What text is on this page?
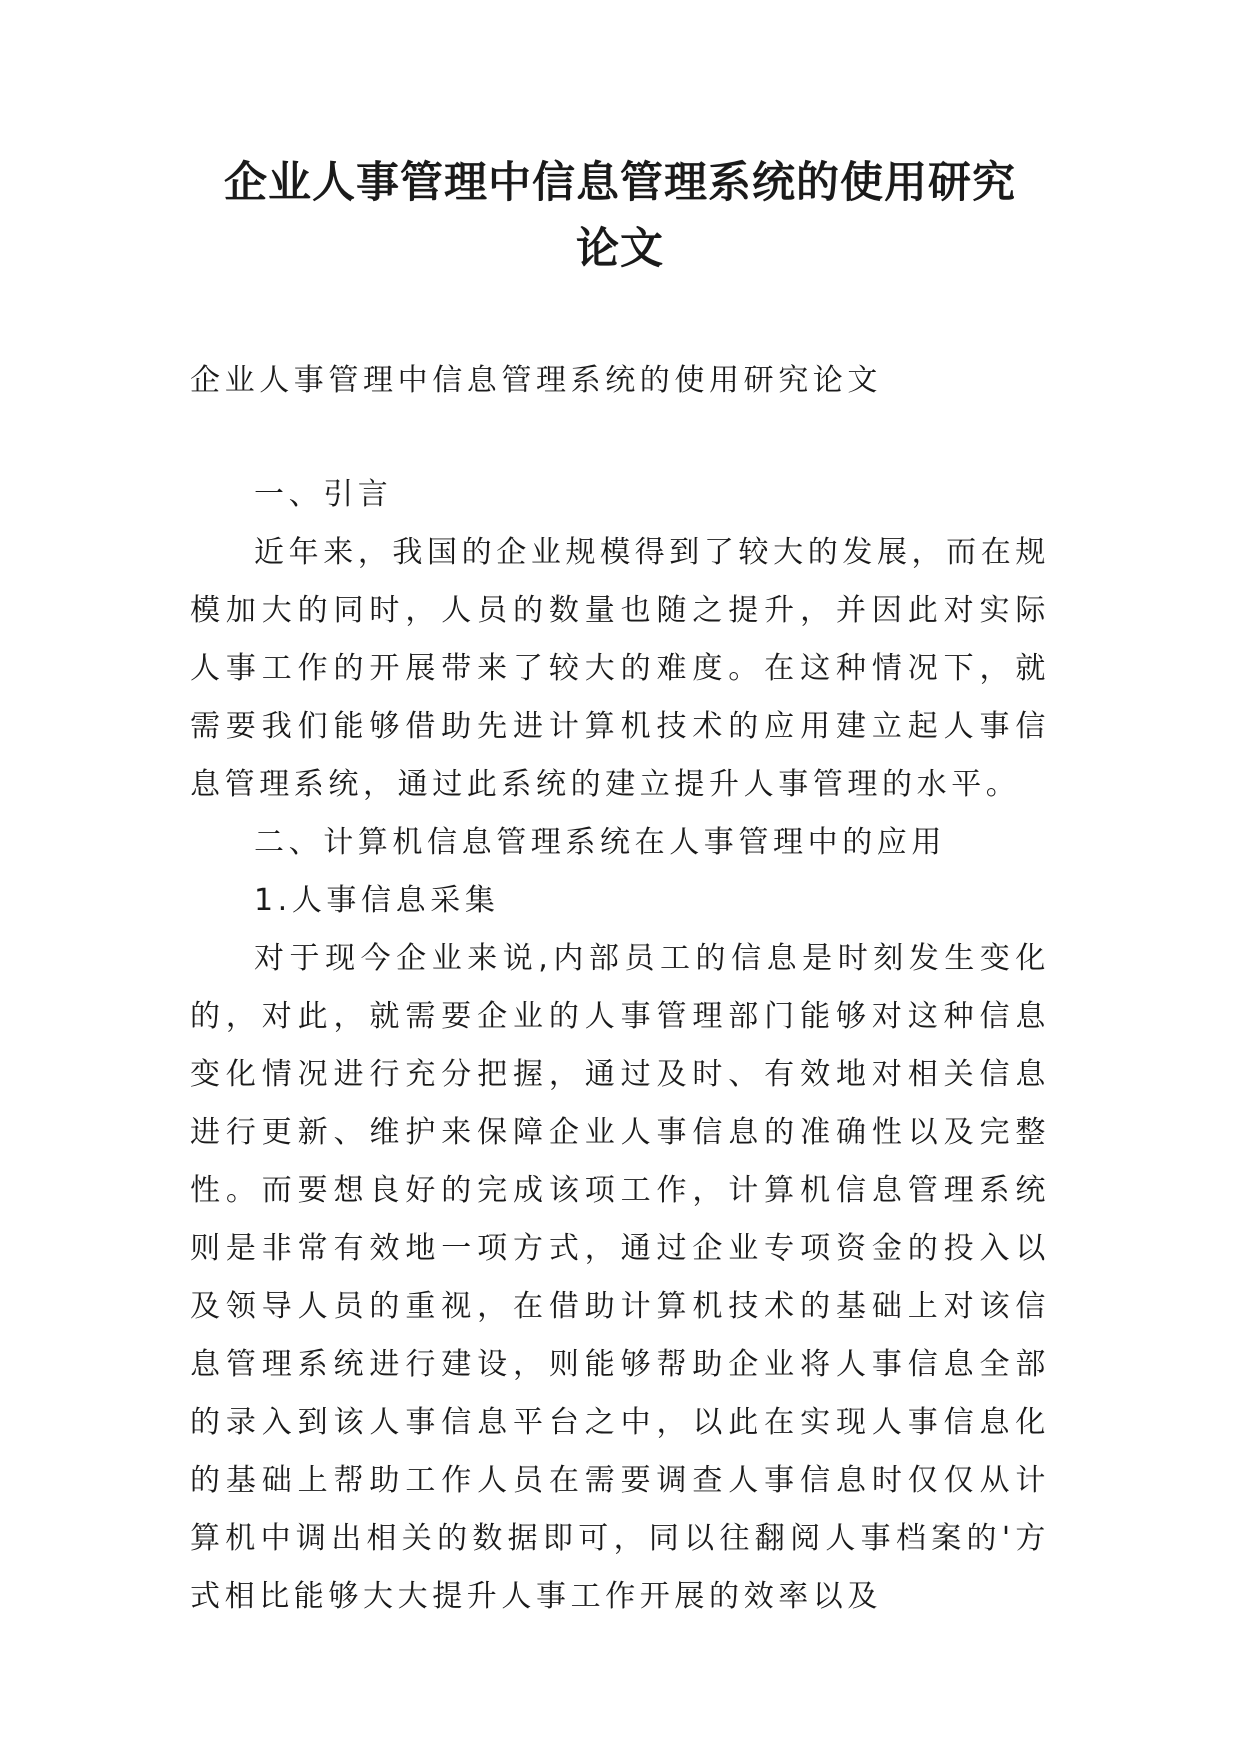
企业人事管理中信息管理系统的使用研究
论文

企业人事管理中信息管理系统的使用研究论文

一、引言

近年来，我国的企业规模得到了较大的发展，而在规模加大的同时，人员的数量也随之提升，并因此对实际人事工作的开展带来了较大的难度。在这种情况下，就需要我们能够借助先进计算机技术的应用建立起人事信息管理系统，通过此系统的建立提升人事管理的水平。

二、计算机信息管理系统在人事管理中的应用

1.人事信息采集

对于现今企业来说,内部员工的信息是时刻发生变化的，对此，就需要企业的人事管理部门能够对这种信息变化情况进行充分把握，通过及时、有效地对相关信息进行更新、维护来保障企业人事信息的准确性以及完整性。而要想良好的完成该项工作，计算机信息管理系统则是非常有效地一项方式，通过企业专项资金的投入以及领导人员的重视，在借助计算机技术的基础上对该信息管理系统进行建设，则能够帮助企业将人事信息全部的录入到该人事信息平台之中，以此在实现人事信息化的基础上帮助工作人员在需要调查人事信息时仅仅从计算机中调出相关的数据即可，同以往翻阅人事档案的'方式相比能够大大提升人事工作开展的效率以及
